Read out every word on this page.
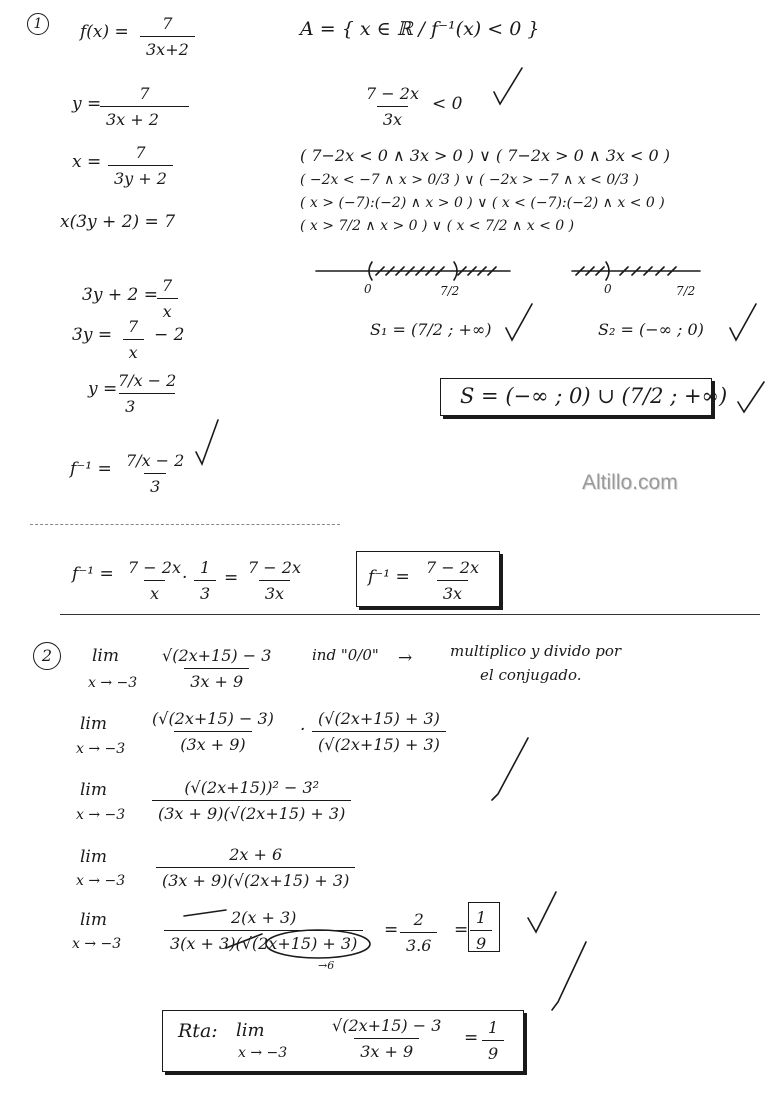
1	$f(x) = \frac{7}{3x+2}$	A = { x ∈ ℝ / f⁻¹(x) < 0 }
y =
$\frac{7}{3x + 2}$	$\frac{7 - 2x}{3x} < 0$
$x = \frac{7}{3y + 2}$	( 7−2x < 0 ∧ 3x > 0 ) ∨ ( 7−2x > 0 ∧ 3x < 0 )
( −2x < −7 ∧ x > 0/3 ) ∨ ( −2x > −7 ∧ x < 0/3 )
( x > (−7):(−2) ∧ x > 0 ) ∨ ( x < (−7):(−2) ∧ x < 0 )
( x > 7/2 ∧ x > 0 ) ∨ ( x < 7/2 ∧ x < 0 )
x(3y + 2) = 7
3y + 2 =
$\frac{7}{x}$	0	7/2	0	7/2
$3y = \frac{7}{x} - 2$	S₁ = (7/2 ; +∞)	S₂ = (−∞ ; 0)
y =
$\frac{7/x - 2}{3}$	S = (−∞ ; 0) ∪ (7/2 ; +∞)
$f^{-1} = \frac{7/x - 2}{3}$	Altillo.com
$f^{-1} = \frac{7 - 2x}{x}$
· $\frac{1}{3} = \frac{7 - 2x}{3x}$	$f^{-1} = \frac{7 - 2x}{3x}$
2	lim
$x \to -3 \frac{√(2x+15) - 3}{3x + 9}$ ind "0/0" →	multiplico y divido por
el conjugado.
lim
$x \to -3 \frac{(√(2x+15) - 3)}{(3x + 9)} \cdot \frac{(√(2x+15) + 3)}{(√(2x+15) + 3)}$
lim
$x \to -3 \frac{\text{(√(2x+15))² − 3²}}{(3x + 9)(√(2x+15) + 3)}$
lim
$x \to -3 \frac{2x + 6}{(3x + 9)(√(2x+15) + 3)}$
lim
x → −3	$\frac{2(x + 3)}{3(x + 3)(√(2x+15) + 3)}$
→6
= $\frac{2}{3.6} = \frac{1}{9}$
Rta: lim
$x \to -3 \frac{√(2x+15) - 3}{3x + 9} = \frac{1}{9}$
